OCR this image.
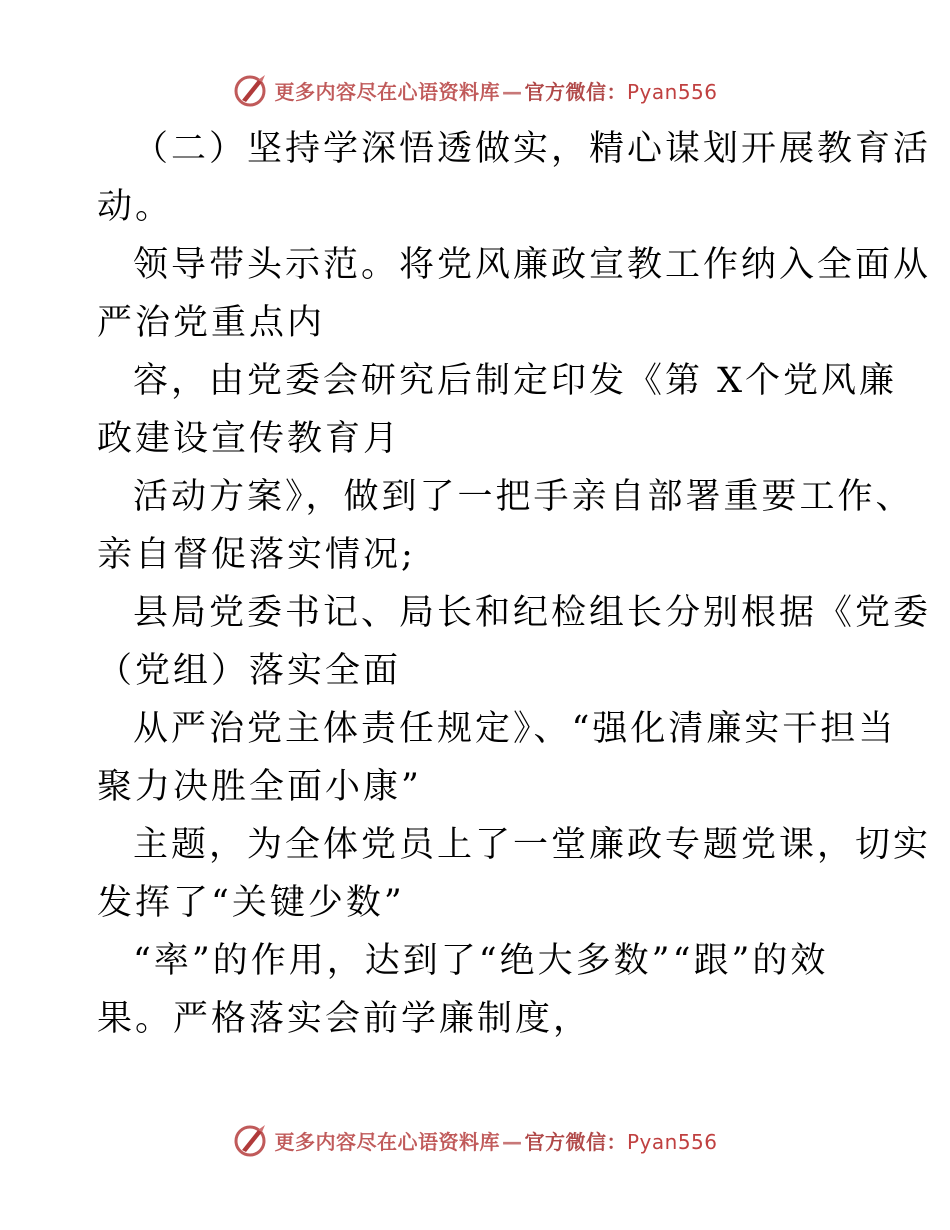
更多内容尽在心语资料库 — 官方微信：Pyan556
（二）坚持学深悟透做实，精心谋划开展教育活
动。
领导带头示范。将党风廉政宣教工作纳入全面从
严治党重点内
容，由党委会研究后制定印发《第 X个党风廉
政建设宣传教育月
活动方案》，做到了一把手亲自部署重要工作、
亲自督促落实情况;
县局党委书记、局长和纪检组长分别根据《党委
（党组）落实全面
从严治党主体责任规定》、“强化清廉实干担当
聚力决胜全面小康”
主题，为全体党员上了一堂廉政专题党课，切实
发挥了“关键少数”
“率”的作用，达到了“绝大多数”“跟”的效
果。严格落实会前学廉制度，
更多内容尽在心语资料库 — 官方微信：Pyan556
